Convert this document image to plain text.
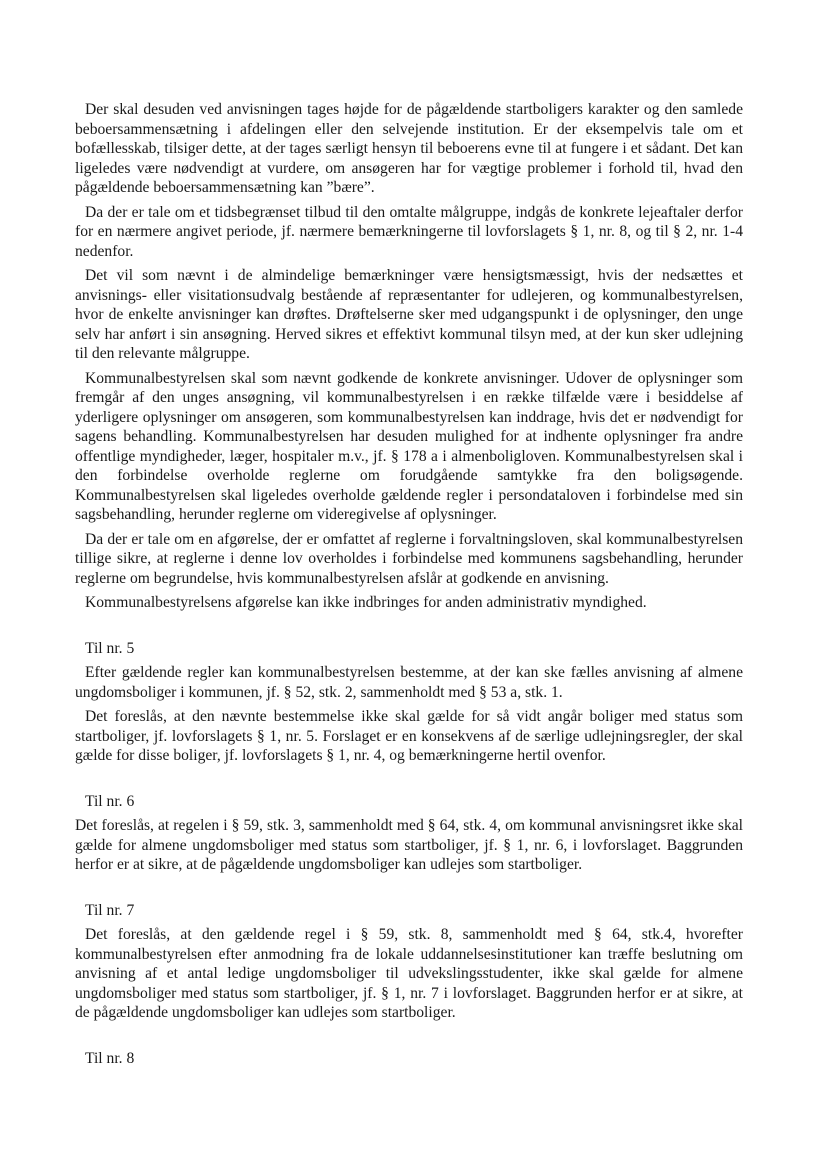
Der skal desuden ved anvisningen tages højde for de pågældende startboligers karakter og den samlede beboersammensætning i afdelingen eller den selvejende institution. Er der eksempelvis tale om et bofællesskab, tilsiger dette, at der tages særligt hensyn til beboerens evne til at fungere i et sådant. Det kan ligeledes være nødvendigt at vurdere, om ansøgeren har for vægtige problemer i forhold til, hvad den pågældende beboersammensætning kan ”bære”.

Da der er tale om et tidsbegrænset tilbud til den omtalte målgruppe, indgås de konkrete lejeaftaler derfor for en nærmere angivet periode, jf. nærmere bemærkningerne til lovforslagets § 1, nr. 8, og til § 2, nr. 1-4 nedenfor.

Det vil som nævnt i de almindelige bemærkninger være hensigtsmæssigt, hvis der nedsættes et anvisnings- eller visitationsudvalg bestående af repræsentanter for udlejeren, og kommunalbestyrelsen, hvor de enkelte anvisninger kan drøftes. Drøftelserne sker med udgangspunkt i de oplysninger, den unge selv har anført i sin ansøgning. Herved sikres et effektivt kommunal tilsyn med, at der kun sker udlejning til den relevante målgruppe.

Kommunalbestyrelsen skal som nævnt godkende de konkrete anvisninger. Udover de oplysninger som fremgår af den unges ansøgning, vil kommunalbestyrelsen i en række tilfælde være i besiddelse af yderligere oplysninger om ansøgeren, som kommunalbestyrelsen kan inddrage, hvis det er nødvendigt for sagens behandling. Kommunalbestyrelsen har desuden mulighed for at indhente oplysninger fra andre offentlige myndigheder, læger, hospitaler m.v., jf. § 178 a i almenboligloven. Kommunalbestyrelsen skal i den forbindelse overholde reglerne om forudgående samtykke fra den boligsøgende. Kommunalbestyrelsen skal ligeledes overholde gældende regler i persondataloven i forbindelse med sin sagsbehandling, herunder reglerne om videregivelse af oplysninger.

Da der er tale om en afgørelse, der er omfattet af reglerne i forvaltningsloven, skal kommunalbestyrelsen tillige sikre, at reglerne i denne lov overholdes i forbindelse med kommunens sagsbehandling, herunder reglerne om begrundelse, hvis kommunalbestyrelsen afslår at godkende en anvisning.

Kommunalbestyrelsens afgørelse kan ikke indbringes for anden administrativ myndighed.

Til nr. 5

Efter gældende regler kan kommunalbestyrelsen bestemme, at der kan ske fælles anvisning af almene ungdomsboliger i kommunen, jf. § 52, stk. 2, sammenholdt med § 53 a, stk. 1.

Det foreslås, at den nævnte bestemmelse ikke skal gælde for så vidt angår boliger med status som startboliger, jf. lovforslagets § 1, nr. 5. Forslaget er en konsekvens af de særlige udlejningsregler, der skal gælde for disse boliger, jf. lovforslagets § 1, nr. 4, og bemærkningerne hertil ovenfor.

Til nr. 6

Det foreslås, at regelen i § 59, stk. 3, sammenholdt med § 64, stk. 4, om kommunal anvisningsret ikke skal gælde for almene ungdomsboliger med status som startboliger, jf. § 1, nr. 6, i lovforslaget. Baggrunden herfor er at sikre, at de pågældende ungdomsboliger kan udlejes som startboliger.

Til nr. 7

Det foreslås, at den gældende regel i § 59, stk. 8, sammenholdt med § 64, stk.4, hvorefter kommunalbestyrelsen efter anmodning fra de lokale uddannelsesinstitutioner kan træffe beslutning om anvisning af et antal ledige ungdomsboliger til udvekslingsstudenter, ikke skal gælde for almene ungdomsboliger med status som startboliger, jf. § 1, nr. 7 i lovforslaget. Baggrunden herfor er at sikre, at de pågældende ungdomsboliger kan udlejes som startboliger.

Til nr. 8
